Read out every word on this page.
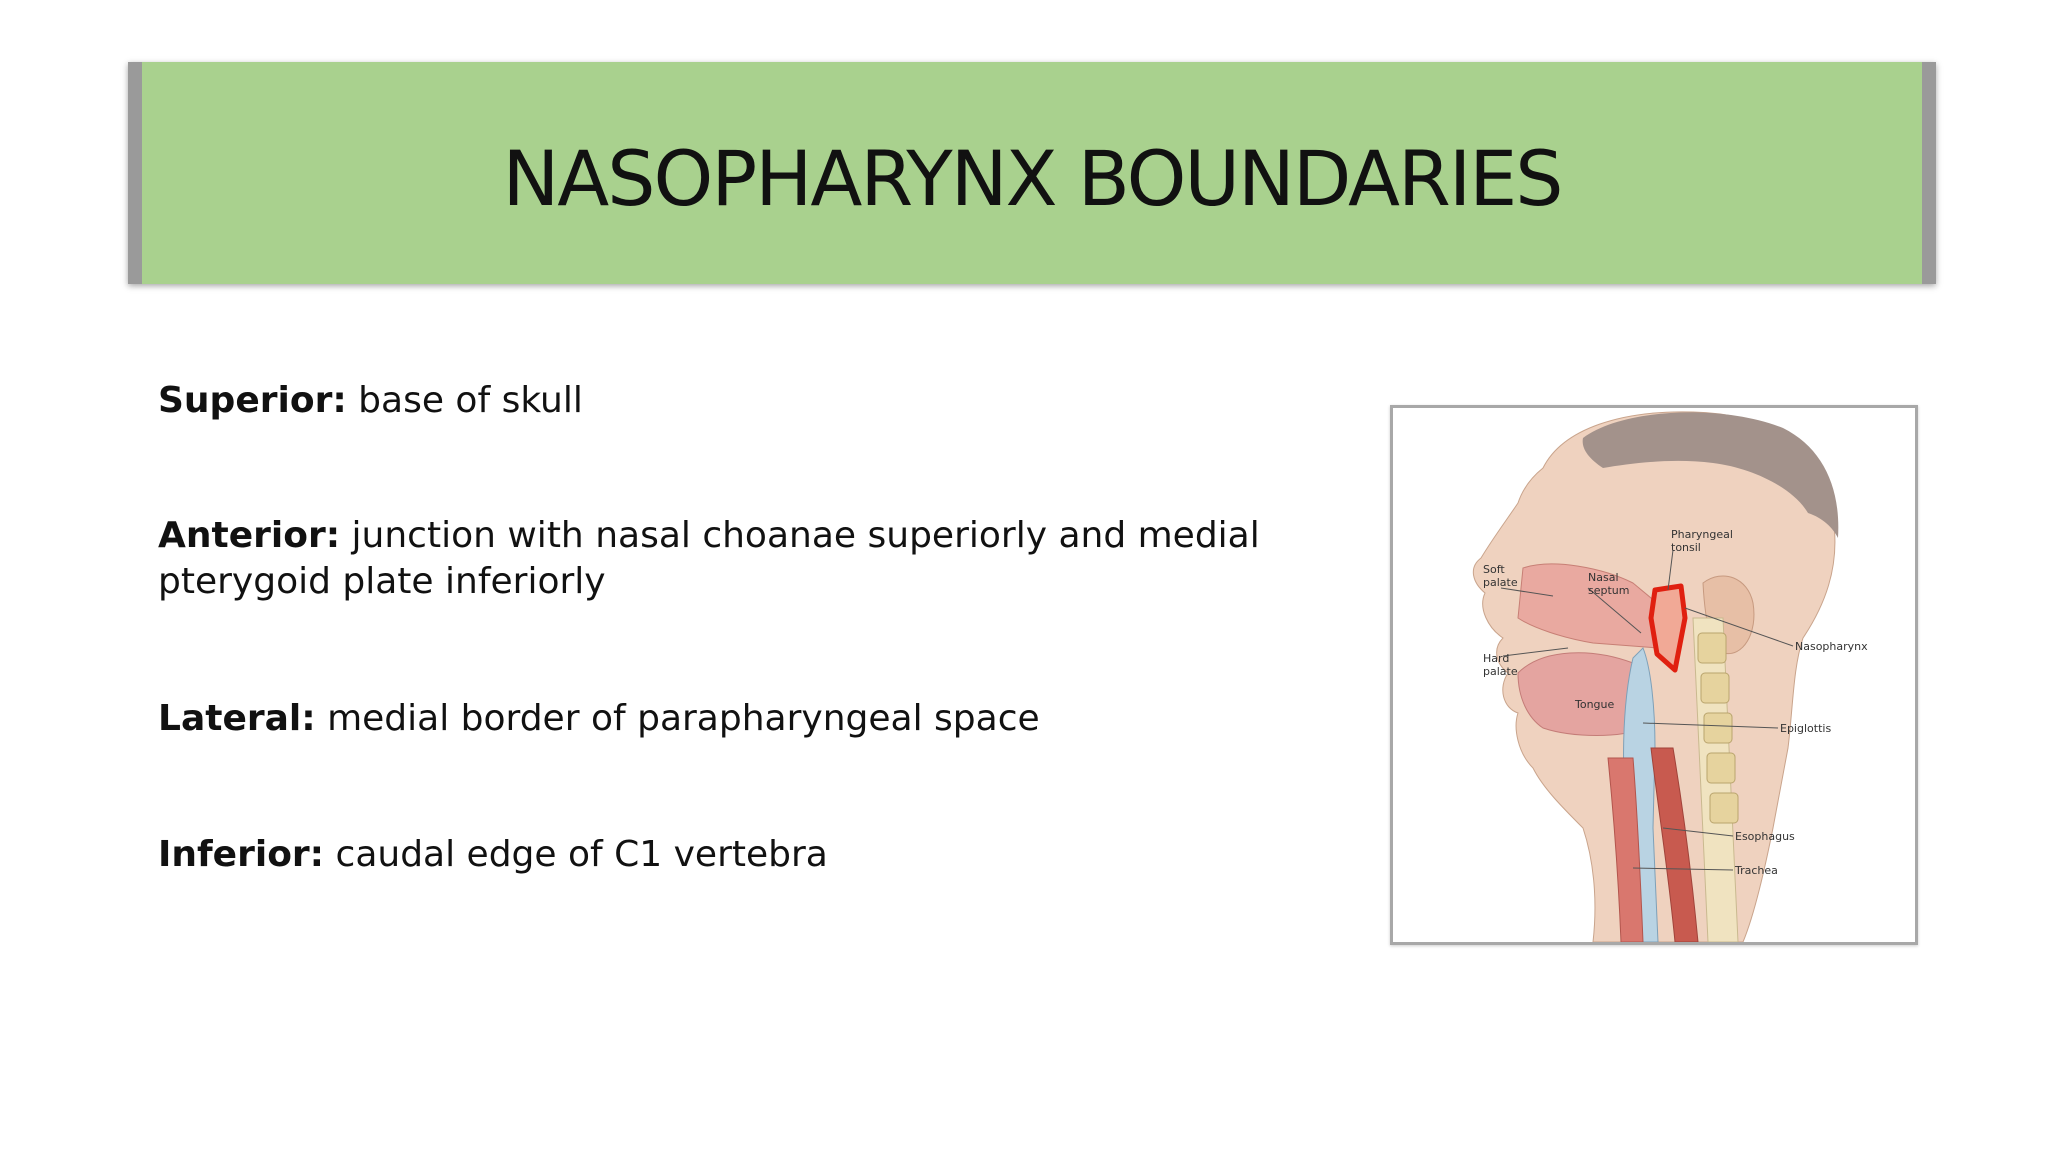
NASOPHARYNX BOUNDARIES

Superior: base of skull

Anterior: junction with nasal choanae superiorly and medial pterygoid plate inferiorly

Lateral: medial border of parapharyngeal space

Inferior: caudal edge of C1 vertebra

Soft
palate	Nasal
septum
Pharyngeal
tonsil
Hard
palate
Nasopharynx
Tongue
Epiglottis
Esophagus
Trachea
